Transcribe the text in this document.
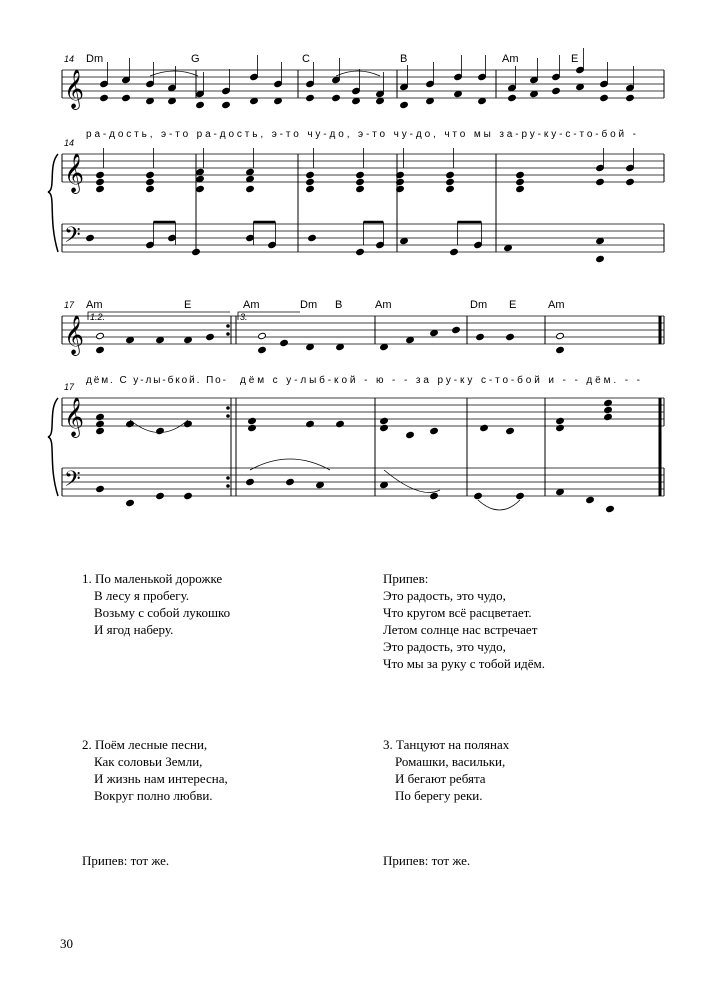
𝄞
𝄞
𝄢
𝄞
𝄞
𝄢
14
14
Dm	G	C	B	Am	E
ра-дость, э-то ра-дость, э-то чу-до, э-то чу-до, что мы за-ру-ку-с-то-бой -
17
17
Am	E	Am	Dm B	Am	Dm E	Am
1.2.	3.
дём. С у-лы-бкой. По- дём с у-лыб-кой - ю - - за ру-ку с-то-бой и - - дём. - -
1. По маленькой дорожке
В лесу я пробегу.
Возьму с собой лукошко
И ягод наберу.
Припев:
Это радость, это чудо,
Что кругом всё расцветает.
Летом солнце нас встречает
Это радость, это чудо,
Что мы за руку с тобой идём.
2. Поём лесные песни,
Как соловьи Земли,
И жизнь нам интересна,
Вокруг полно любви.
3. Танцуют на полянах
Ромашки, васильки,
И бегают ребята
По берегу реки.
Припев: тот же.	Припев: тот же.
30
